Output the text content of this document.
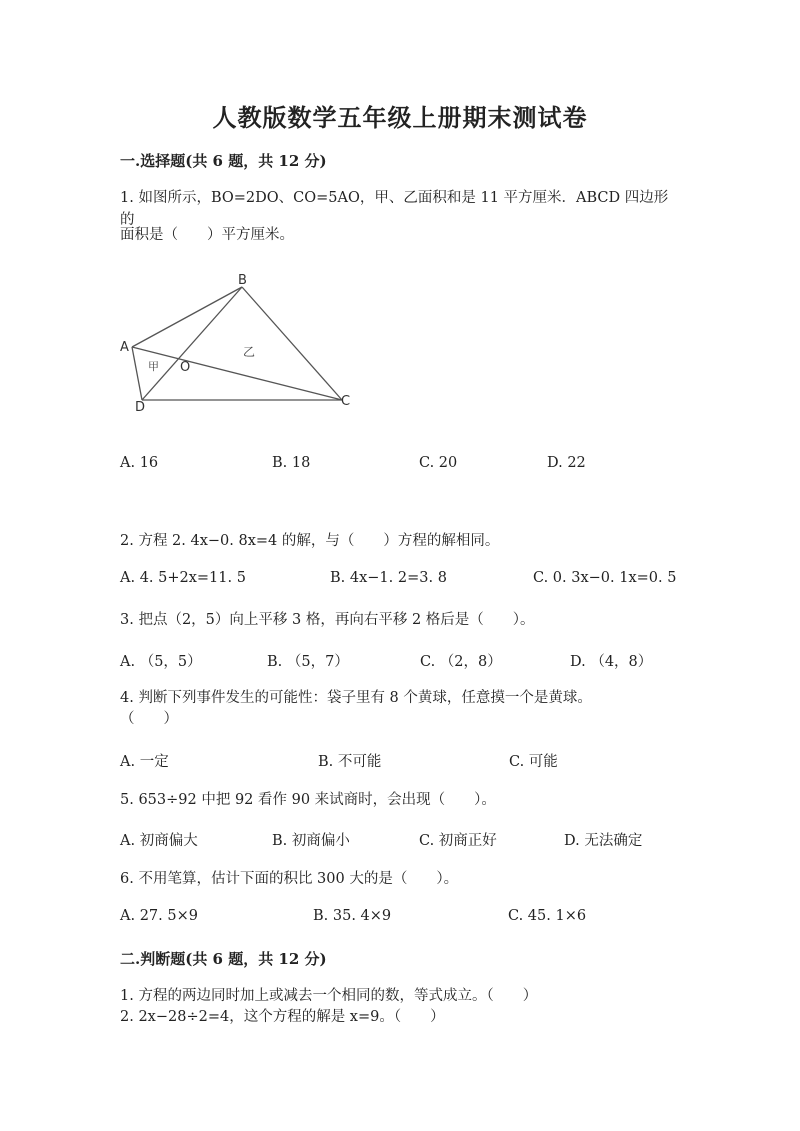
人教版数学五年级上册期末测试卷
一.选择题(共 6 题，共 12 分)
1. 如图所示，BO=2DO、CO=5AO，甲、乙面积和是 11 平方厘米．ABCD 四边形的
面积是（　　）平方厘米。
B
A
D	C
O
甲
乙
A. 16	B. 18	C. 20	D. 22
2. 方程 2. 4x−0. 8x=4 的解，与（　　）方程的解相同。
A. 4. 5+2x=11. 5	B. 4x−1. 2=3. 8	C. 0. 3x−0. 1x=0. 5
3. 把点（2，5）向上平移 3 格，再向右平移 2 格后是（　　）。
A. （5，5）	B. （5，7）	C. （2，8）	D. （4，8）
4. 判断下列事件发生的可能性：袋子里有 8 个黄球，任意摸一个是黄球。
（　　）
A. 一定	B. 不可能	C. 可能
5. 653÷92 中把 92 看作 90 来试商时，会出现（　　）。
A. 初商偏大	B. 初商偏小	C. 初商正好	D. 无法确定
6. 不用笔算，估计下面的积比 300 大的是（　　）。
A. 27. 5×9	B. 35. 4×9	C. 45. 1×6
二.判断题(共 6 题，共 12 分)
1. 方程的两边同时加上或减去一个相同的数，等式成立。（　　）
2. 2x−28÷2=4，这个方程的解是 x=9。（　　）
